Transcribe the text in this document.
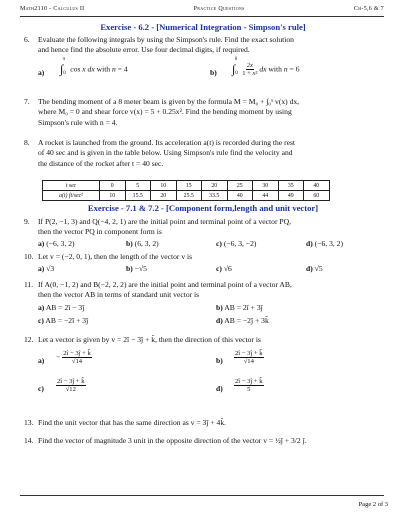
Math2110 - Calculus II	Practice Questions	Ch-5,6 & 7
Exercise - 6.2 - [Numerical Integration - Simpson's rule]
6. Evaluate the following integrals by using the Simpson's rule. Find the exact solution
and hence find the absolute error. Use four decimal digits, if required.
a) $\int_0^\pi$ cos x dx with n = 4	b) $\int_0^6$
$\frac{2x}{\text{1 + x²}}$ dx with n = 6
7. The bending moment of a 8 meter beam is given by the formula M = M₀ + ∫₀ˣ v(x) dx,
where M₀ = 0 and shear force v(x) = 5 + 0.25x². Find the bending moment by using
Simpson's rule with n = 4.
8. A rocket is launched from the ground. Its acceleration a(t) is recorded during the rest
of 40 sec and is given in the table below. Using Simpson's rule find the velocity and
the distance of the rocket after t = 40 sec.
t sec	0	5	10	15	20	25	30	35	40
a(t) ft/sec²	10	15.5	20	25.5	33.5	40	44	49	60
Exercise - 7.1 & 7.2 - [Component form,length and unit vector]
9. If P(2, −1, 3) and Q(−4, 2, 1) are the initial point and terminal point of a vector PQ,
then the vector PQ in component form is
a) (−6, 3, 2)	b) (6, 3, 2)	c) (−6, 3, −2)	d) (−6, 3, 2)
10. Let v = (−2, 0, 1), then the length of the vector v is
a) √3	b) −√5	c) √6	d) √5
11. If A(0, −1, 2) and B(−2, 2, 2) are the initial point and terminal point of a vector AB,
then the vector AB in terms of standard unit vector is
a) AB = 2î − 3ĵ	b) AB = 2î + 3ĵ
c) AB = −2î + 3ĵ	d) AB = −2ĵ + 3k̂
12. Let a vector is given by v = 2î − 3ĵ + k̂, then the direction of this vector is
$a) - \frac{2î - 3ĵ + k̂}{√14}$	$b) \frac{2î - 3ĵ + k̂}{√14}$
$c) \frac{2î - 3ĵ + k̂}{√12}$	$d) \frac{2î - 3ĵ + k̂}{5}$
13. Find the unit vector that has the same direction as v = 3ĵ + 4k̂.
14. Find the vector of magnitude 3 unit in the opposite direction of the vector v = ½ĵ + 3/2 ĵ.
Page 2 of 3
